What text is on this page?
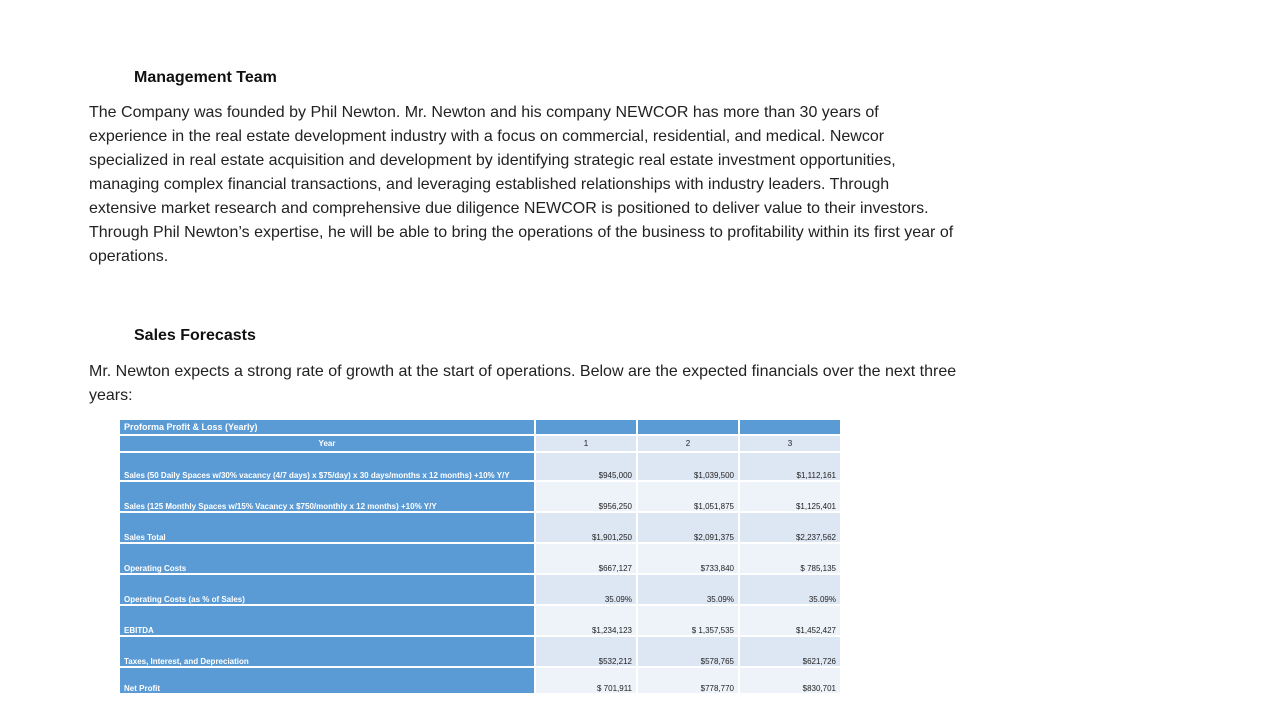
Management Team
The Company was founded by Phil Newton. Mr. Newton and his company NEWCOR has more than 30 years of experience in the real estate development industry with a focus on commercial, residential, and medical. Newcor specialized in real estate acquisition and development by identifying strategic real estate investment opportunities, managing complex financial transactions, and leveraging established relationships with industry leaders. Through extensive market research and comprehensive due diligence NEWCOR is positioned to deliver value to their investors. Through Phil Newton’s expertise, he will be able to bring the operations of the business to profitability within its first year of operations.
Sales Forecasts
Mr. Newton expects a strong rate of growth at the start of operations. Below are the expected financials over the next three years:
Proforma Profit & Loss (Yearly)			
Year	1	2	3
Sales (50 Daily Spaces w/30% vacancy (4/7 days) x $75/day) x 30 days/months x 12 months) +10% Y/Y	$945,000	$1,039,500	$1,112,161
Sales (125 Monthly Spaces w/15% Vacancy x $750/monthly x 12 months) +10% Y/Y	$956,250	$1,051,875	$1,125,401
Sales Total	$1,901,250	$2,091,375	$2,237,562
Operating Costs	$667,127	$733,840	$ 785,135
Operating Costs (as % of Sales)	35.09%	35.09%	35.09%
EBITDA	$1,234,123	$ 1,357,535	$1,452,427
Taxes, Interest, and Depreciation	$532,212	$578,765	$621,726
Net Profit	$ 701,911	$778,770	$830,701
